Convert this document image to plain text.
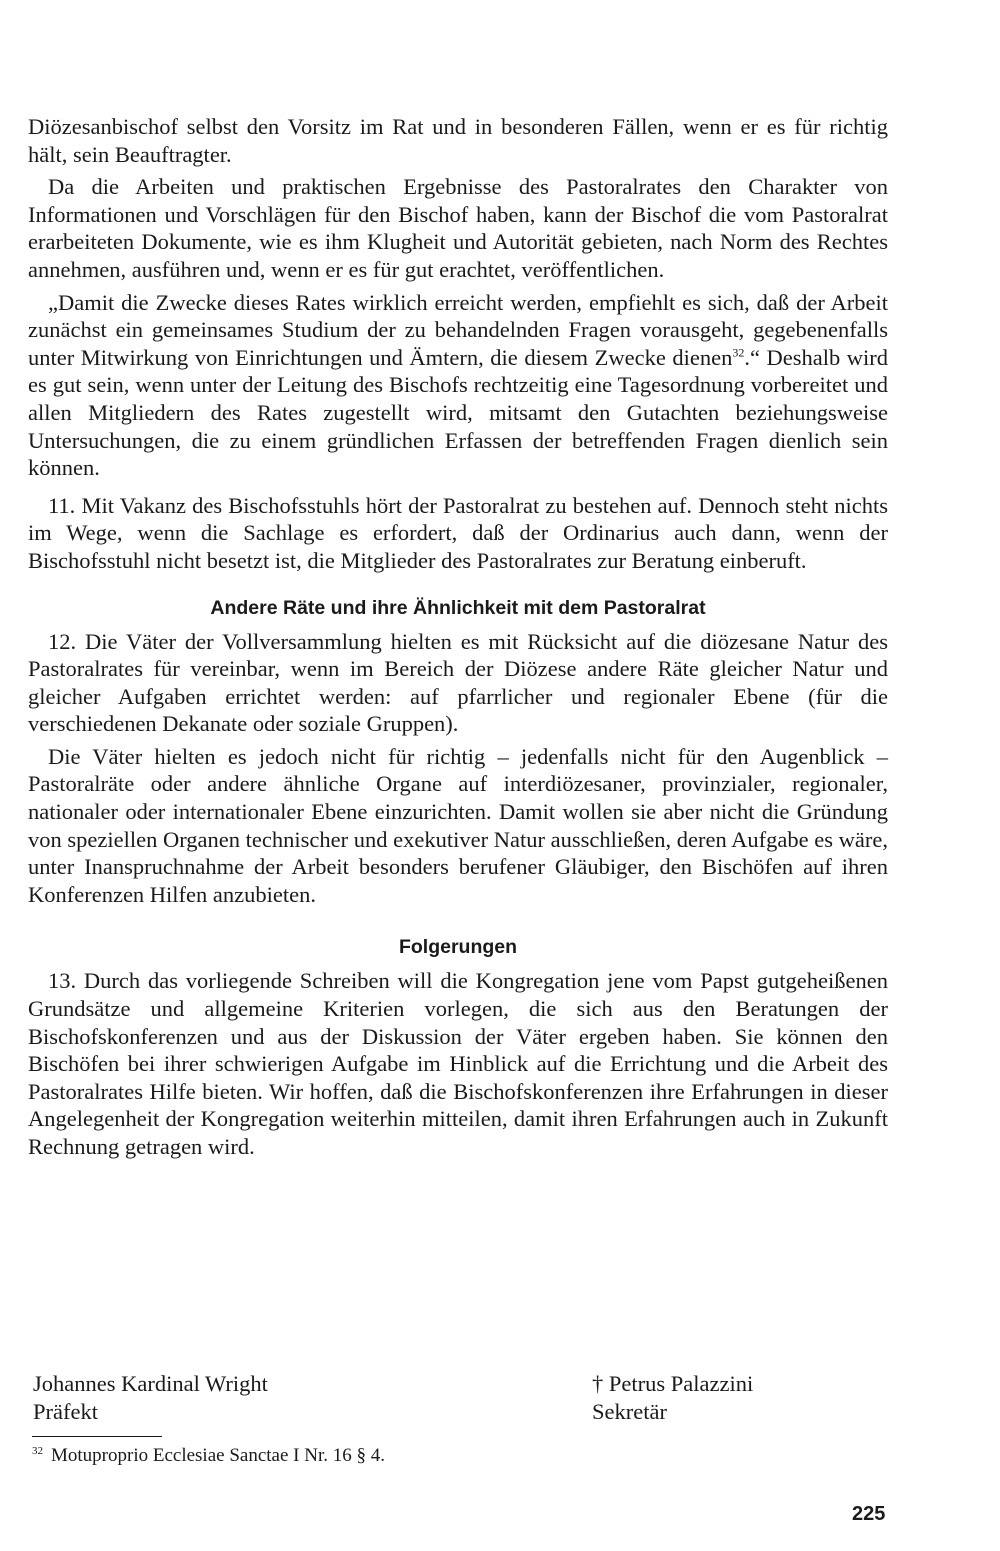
Diözesanbischof selbst den Vorsitz im Rat und in besonderen Fällen, wenn er es für richtig hält, sein Beauftragter.

Da die Arbeiten und praktischen Ergebnisse des Pastoralrates den Charakter von Informationen und Vorschlägen für den Bischof haben, kann der Bischof die vom Pastoralrat erarbeiteten Dokumente, wie es ihm Klugheit und Autorität gebieten, nach Norm des Rechtes annehmen, ausführen und, wenn er es für gut erachtet, veröffentlichen.

„Damit die Zwecke dieses Rates wirklich erreicht werden, empfiehlt es sich, daß der Arbeit zunächst ein gemeinsames Studium der zu behandelnden Fragen vorausgeht, gegebenenfalls unter Mitwirkung von Einrichtungen und Ämtern, die diesem Zwecke dienen$^{32}$.“ Deshalb wird es gut sein, wenn unter der Leitung des Bischofs rechtzeitig eine Tagesordnung vorbereitet und allen Mitgliedern des Rates zugestellt wird, mitsamt den Gutachten beziehungsweise Untersuchungen, die zu einem gründlichen Erfassen der betreffenden Fragen dienlich sein können.

11. Mit Vakanz des Bischofsstuhls hört der Pastoralrat zu bestehen auf. Dennoch steht nichts im Wege, wenn die Sachlage es erfordert, daß der Ordinarius auch dann, wenn der Bischofsstuhl nicht besetzt ist, die Mitglieder des Pastoralrates zur Beratung einberuft.

Andere Räte und ihre Ähnlichkeit mit dem Pastoralrat

12. Die Väter der Vollversammlung hielten es mit Rücksicht auf die diözesane Natur des Pastoralrates für vereinbar, wenn im Bereich der Diözese andere Räte gleicher Natur und gleicher Aufgaben errichtet werden: auf pfarrlicher und regionaler Ebene (für die verschiedenen Dekanate oder soziale Gruppen).

Die Väter hielten es jedoch nicht für richtig – jedenfalls nicht für den Augenblick – Pastoralräte oder andere ähnliche Organe auf interdiözesaner, provinzialer, regionaler, nationaler oder internationaler Ebene einzurichten. Damit wollen sie aber nicht die Gründung von speziellen Organen technischer und exekutiver Natur ausschließen, deren Aufgabe es wäre, unter Inanspruchnahme der Arbeit besonders berufener Gläubiger, den Bischöfen auf ihren Konferenzen Hilfen anzubieten.

Folgerungen

13. Durch das vorliegende Schreiben will die Kongregation jene vom Papst gutgeheißenen Grundsätze und allgemeine Kriterien vorlegen, die sich aus den Beratungen der Bischofskonferenzen und aus der Diskussion der Väter ergeben haben. Sie können den Bischöfen bei ihrer schwierigen Aufgabe im Hinblick auf die Errichtung und die Arbeit des Pastoralrates Hilfe bieten. Wir hoffen, daß die Bischofskonferenzen ihre Erfahrungen in dieser Angelegenheit der Kongregation weiterhin mitteilen, damit ihren Erfahrungen auch in Zukunft Rechnung getragen wird.

Johannes Kardinal Wright
Präfekt
† Petrus Palazzini
Sekretär
$^{32}$ Motuproprio Ecclesiae Sanctae I Nr. 16 § 4.
225
